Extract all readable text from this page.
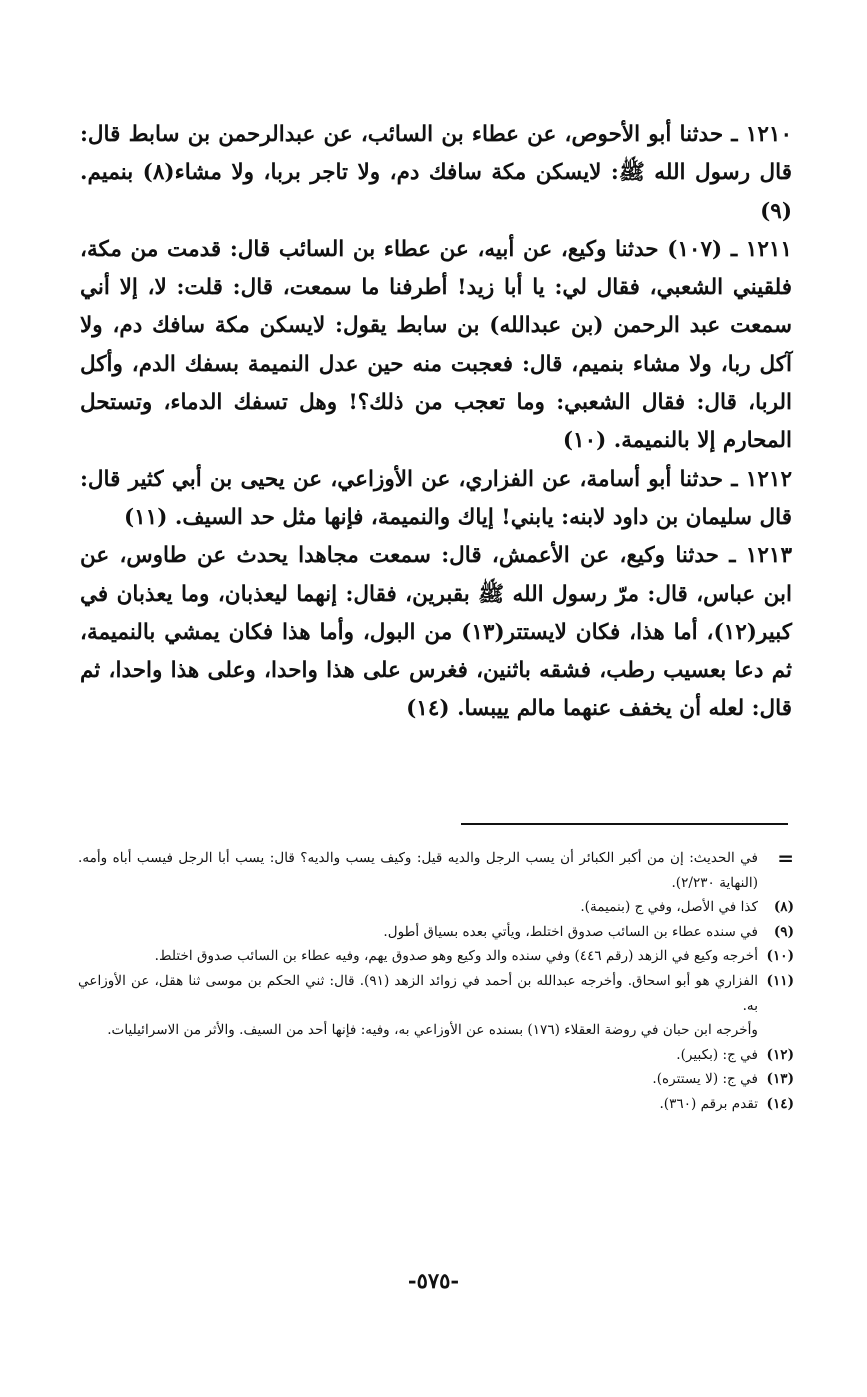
١٢١٠ ـ حدثنا أبو الأحوص، عن عطاء بن السائب، عن عبدالرحمن بن سابط قال: قال رسول الله ﷺ: لايسكن مكة سافك دم، ولا تاجر بربا، ولا مشاء(٨) بنميم. (٩)

١٢١١ ـ (١٠٧) حدثنا وكيع، عن أبيه، عن عطاء بن السائب قال: قدمت من مكة، فلقيني الشعبي، فقال لي: يا أبا زيد! أطرفنا ما سمعت، قال: قلت: لا، إلا أني سمعت عبد الرحمن (بن عبدالله) بن سابط يقول: لايسكن مكة سافك دم، ولا آكل ربا، ولا مشاء بنميم، قال: فعجبت منه حين عدل النميمة بسفك الدم، وأكل الربا، قال: فقال الشعبي: وما تعجب من ذلك؟! وهل تسفك الدماء، وتستحل المحارم إلا بالنميمة. (١٠)

١٢١٢ ـ حدثنا أبو أسامة، عن الفزاري، عن الأوزاعي، عن يحيى بن أبي كثير قال: قال سليمان بن داود لابنه: يابني! إياك والنميمة، فإنها مثل حد السيف. (١١)

١٢١٣ ـ حدثنا وكيع، عن الأعمش، قال: سمعت مجاهدا يحدث عن طاوس، عن ابن عباس، قال: مرّ رسول الله ﷺ بقبرين، فقال: إنهما ليعذبان، وما يعذبان في كبير(١٢)، أما هذا، فكان لايستتر(١٣) من البول، وأما هذا فكان يمشي بالنميمة، ثم دعا بعسيب رطب، فشقه باثنين، فغرس على هذا واحدا، وعلى هذا واحدا، ثم قال: لعله أن يخفف عنهما مالم ييبسا. (١٤)

=
في الحديث: إن من أكبر الكبائر أن يسب الرجل والديه قيل: وكيف يسب والديه؟ قال: يسب أبا الرجل فيسب أباه وأمه. (النهاية ٢/٢٣٠).

(٨)
كذا في الأصل، وفي ج (بنميمة).

(٩)
في سنده عطاء بن السائب صدوق اختلط، ويأتي بعده بسياق أطول.

(١٠)
أخرجه وكيع في الزهد (رقم ٤٤٦) وفي سنده والد وكيع وهو صدوق يهم، وفيه عطاء بن السائب صدوق اختلط.

(١١)
الفزاري هو أبو اسحاق. وأخرجه عبدالله بن أحمد في زوائد الزهد (٩١). قال: ثني الحكم بن موسى ثنا هقل، عن الأوزاعي به.

وأخرجه ابن حبان في روضة العقلاء (١٧٦) بسنده عن الأوزاعي به، وفيه: فإنها أحد من السيف. والأثر من الاسرائيليات.

(١٢)
في ج: (بكبير).

(١٣)
في ج: (لا يستتره).

(١٤)
تقدم برقم (٣٦٠).

-٥٧٥-
